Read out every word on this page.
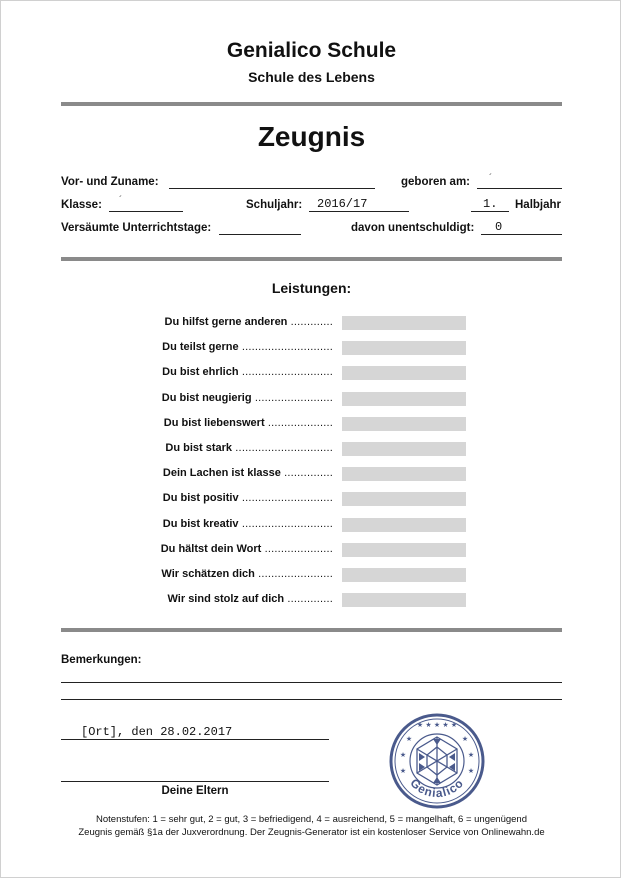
Genialico Schule
Schule des Lebens
Zeugnis
Vor- und Zuname:	geboren am: ´
Klasse: ´	Schuljahr: 2016/17	1. Halbjahr
Versäumte Unterrichtstage:	davon unentschuldigt: 0
Leistungen:
Du hilfst gerne anderen .............
Du teilst gerne ............................
Du bist ehrlich ............................
Du bist neugierig ........................
Du bist liebenswert ....................
Du bist stark ..............................
Dein Lachen ist klasse ...............
Du bist positiv ............................
Du bist kreativ ............................
Du hältst dein Wort .....................
Wir schätzen dich .......................
Wir sind stolz auf dich ..............
Bemerkungen:
[Ort], den 28.02.2017
Deine Eltern
★ ★ ★ ★ ★
★	★
★	★
★	★
Genialico
Notenstufen: 1 = sehr gut, 2 = gut, 3 = befriedigend, 4 = ausreichend, 5 = mangelhaft, 6 = ungenügend
Zeugnis gemäß §1a der Juxverordnung. Der Zeugnis-Generator ist ein kostenloser Service von Onlinewahn.de
